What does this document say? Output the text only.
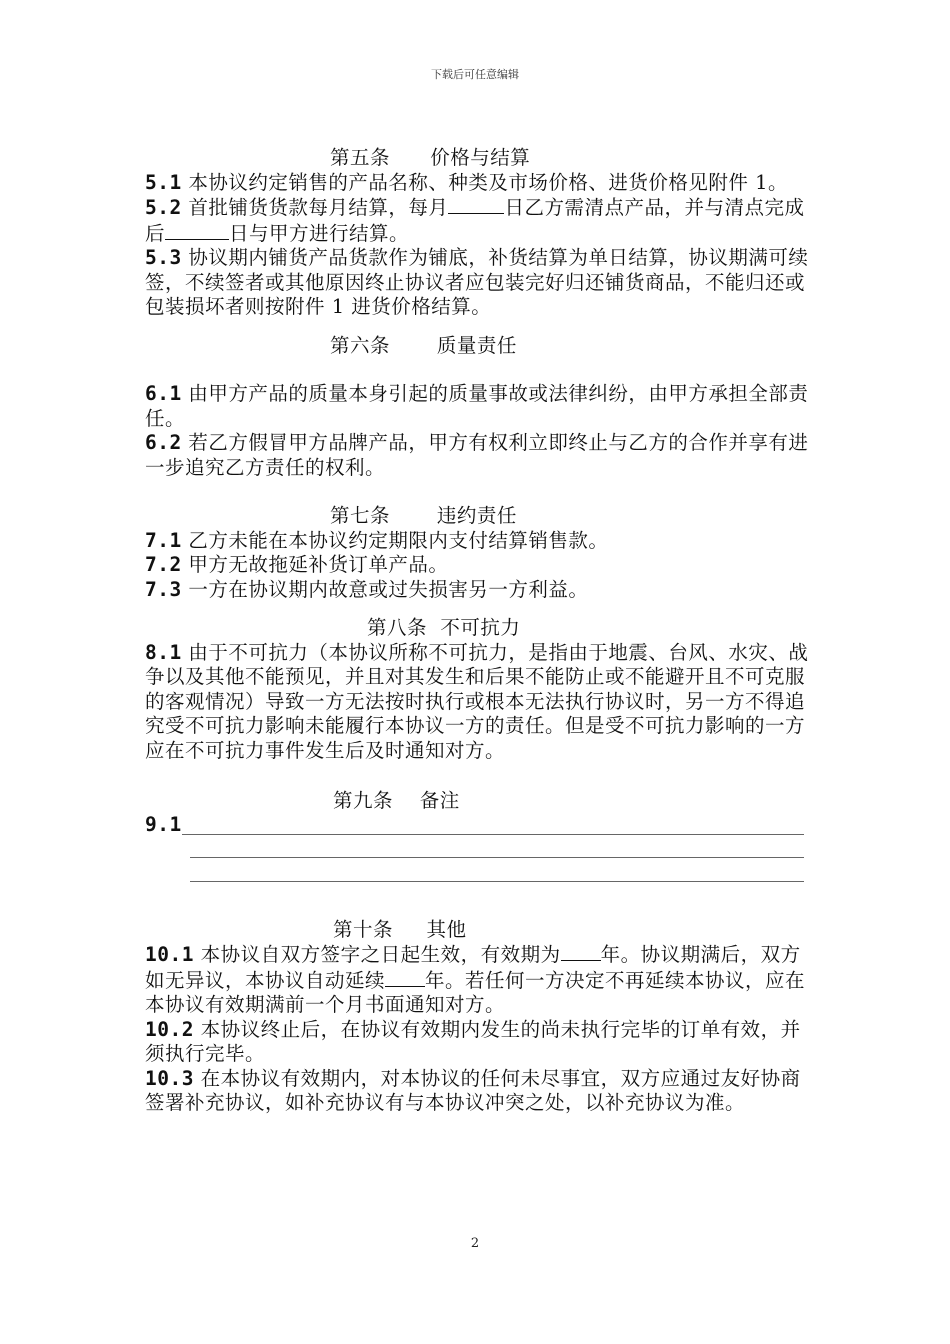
下载后可任意编辑
第五条      价格与结算
5.1 本协议约定销售的产品名称、种类及市场价格、进货价格见附件 1。
5.2 首批铺货货款每月结算，每月	日乙方需清点产品，并与清点完成后	日与甲方进行结算。
5.3 协议期内铺货产品货款作为铺底，补货结算为单日结算，协议期满可续签，不续签者或其他原因终止协议者应包装完好归还铺货商品，不能归还或包装损坏者则按附件 1 进货价格结算。
第六条       质量责任
6.1 由甲方产品的质量本身引起的质量事故或法律纠纷，由甲方承担全部责任。
6.2 若乙方假冒甲方品牌产品，甲方有权利立即终止与乙方的合作并享有进一步追究乙方责任的权利。
第七条       违约责任
7.1 乙方未能在本协议约定期限内支付结算销售款。
7.2 甲方无故拖延补货订单产品。
7.3 一方在协议期内故意或过失损害另一方利益。
第八条  不可抗力
8.1 由于不可抗力（本协议所称不可抗力，是指由于地震、台风、水灾、战争以及其他不能预见，并且对其发生和后果不能防止或不能避开且不可克服的客观情况）导致一方无法按时执行或根本无法执行协议时，另一方不得追究受不可抗力影响未能履行本协议一方的责任。但是受不可抗力影响的一方应在不可抗力事件发生后及时通知对方。
第九条    备注
9.1
第十条     其他
10.1 本协议自双方签字之日起生效，有效期为 年。协议期满后，双方如无异议，本协议自动延续 年。若任何一方决定不再延续本协议，应在本协议有效期满前一个月书面通知对方。
10.2 本协议终止后，在协议有效期内发生的尚未执行完毕的订单有效，并须执行完毕。
10.3 在本协议有效期内，对本协议的任何未尽事宜，双方应通过友好协商签署补充协议，如补充协议有与本协议冲突之处，以补充协议为准。
2
